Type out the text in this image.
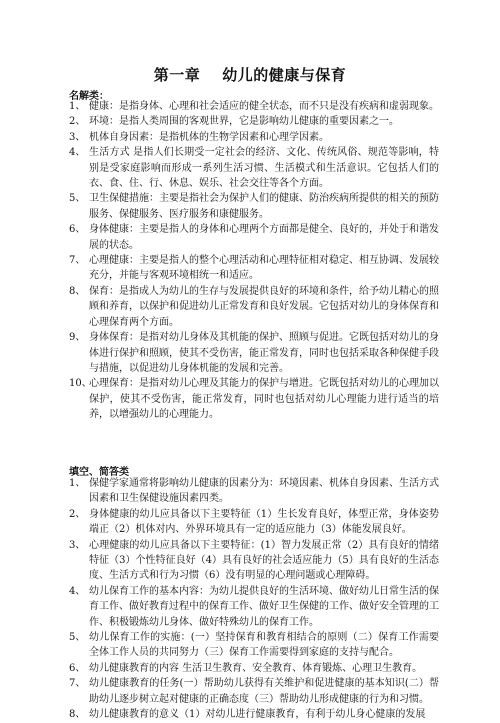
第一章 幼儿的健康与保育
名解类：
1、 健康：是指身体、心理和社会适应的健全状态，而不只是没有疾病和虚弱现象。
2、 环境：是指人类周围的客观世界，它是影响幼儿健康的重要因素之一。
3、 机体自身因素：是指机体的生物学因素和心理学因素。
4、 生活方式 是指人们长期受一定社会的经济、文化、传统风俗、规范等影响，特别是受家庭影响而形成一系列生活习惯、生活模式和生活意识。它包括人们的衣、食、住、行、休息、娱乐、社会交往等各个方面。
5、 卫生保健措施：主要是指社会为保护人们的健康、防治疾病所提供的相关的预防服务、保健服务、医疗服务和康健服务。
6、 身体健康：主要是指人的身体和心理两个方面都是健全、良好的，并处于和谐发展的状态。
7、 心理健康：主要是指人的整个心理活动和心理特征相对稳定、相互协调、发展较充分，并能与客观环境相统一和适应。
8、 保育：是指成人为幼儿的生存与发展提供良好的环境和条件，给予幼儿精心的照顾和养育，以保护和促进幼儿正常发育和良好发展。它包括对幼儿的身体保育和心理保育两个方面。
9、 身体保育：是指对幼儿身体及其机能的保护、照顾与促进。它既包括对幼儿的身体进行保护和照顾，使其不受伤害，能正常发育，同时也包括采取各种保健手段与措施，以促进幼儿身体机能的发展和完善。
10、
心理保育：是指对幼儿心理及其能力的保护与增进。它既包括对幼儿的心理加以保护，使其不受伤害，能正常发育，同时也包括对幼儿心理能力进行适当的培养，以增强幼儿的心理能力。
填空、简答类
1、 保健学家通常将影响幼儿健康的因素分为：环境因素、机体自身因素、生活方式因素和卫生保健设施因素四类。
2、 身体健康的幼儿应具备以下主要特征（1）生长发育良好，体型正常，身体姿势端正（2）机体对内、外界环境具有一定的适应能力（3）体能发展良好。
3、 心理健康的幼儿应具备以下主要特征：(1）智力发展正常（2）具有良好的情绪特征（3）个性特征良好（4）具有良好的社会适应能力（5）具有良好的生活态度、生活方式和行为习惯（6）没有明显的心理问题或心理障碍。
4、 幼儿保育工作的基本内容：为幼儿提供良好的生活环境、做好幼儿日常生活的保育工作、做好教育过程中的保育工作、做好卫生保健的工作、做好安全管理的工作、积极锻炼幼儿身体、做好特殊幼儿的保育工作。
5、 幼儿保育工作的实施：(一）坚持保育和教育相结合的原则（二）保育工作需要全体工作人员的共同努力（三）保育工作需要得到家庭的支持与配合。
6、 幼儿健康教育的内容 生活卫生教育、安全教育、体育锻炼、心理卫生教育。
7、 幼儿健康教育的任务(一）帮助幼儿获得有关维护和促进健康的基本知识(二）帮助幼儿逐步树立起对健康的正确态度（三）帮助幼儿形成健康的行为和习惯。
8、 幼儿健康教育的意义（1）对幼儿进行健康教育，有利于幼儿身心健康的发展
